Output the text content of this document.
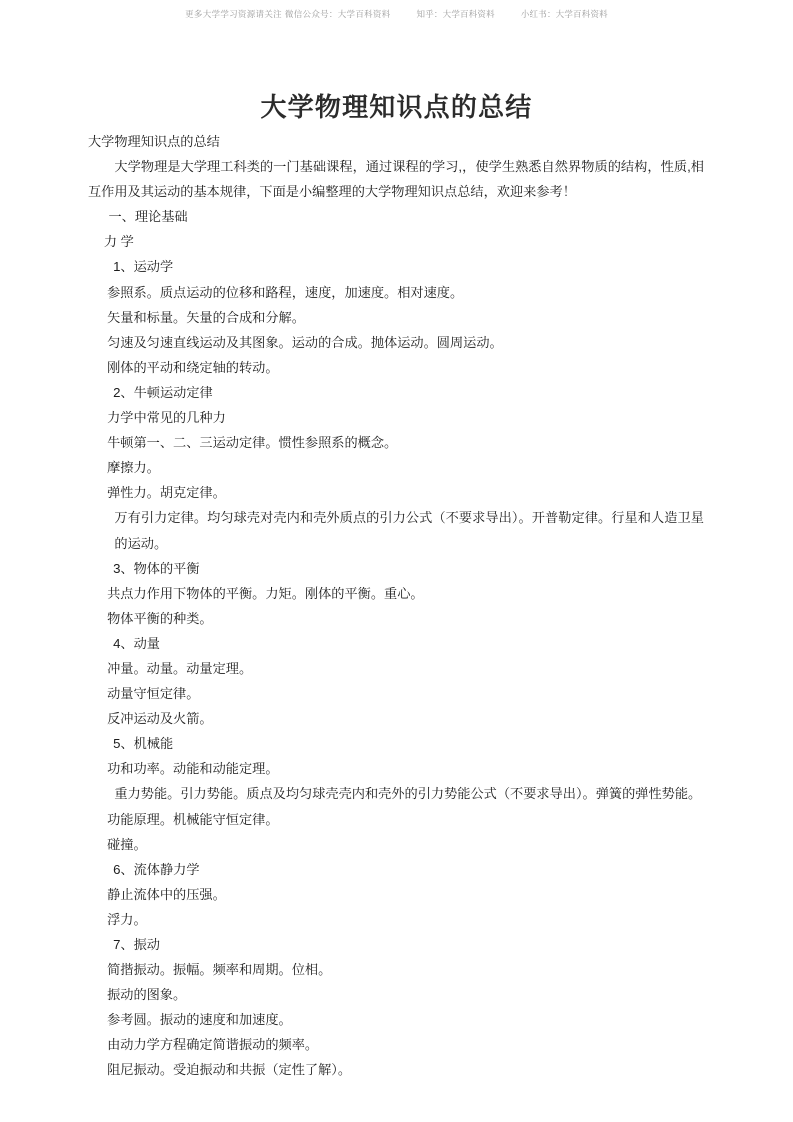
更多大学学习资源请关注 微信公众号：大学百科资料	知乎：大学百科资料	小红书：大学百科资料
大学物理知识点的总结

大学物理知识点的总结

大学物理是大学理工科类的一门基础课程，通过课程的学习,，使学生熟悉自然界物质的结构，性质,相互作用及其运动的基本规律，下面是小编整理的大学物理知识点总结，欢迎来参考！

一、理论基础

力 学

1、运动学

参照系。质点运动的位移和路程，速度，加速度。相对速度。

矢量和标量。矢量的合成和分解。

匀速及匀速直线运动及其图象。运动的合成。抛体运动。圆周运动。

刚体的平动和绕定轴的转动。

2、牛顿运动定律

力学中常见的几种力

牛顿第一、二、三运动定律。惯性参照系的概念。

摩擦力。

弹性力。胡克定律。

万有引力定律。均匀球壳对壳内和壳外质点的引力公式（不要求导出）。开普勒定律。行星和人造卫星的运动。

3、物体的平衡

共点力作用下物体的平衡。力矩。刚体的平衡。重心。

物体平衡的种类。

4、动量

冲量。动量。动量定理。

动量守恒定律。

反冲运动及火箭。

5、机械能

功和功率。动能和动能定理。

重力势能。引力势能。质点及均匀球壳壳内和壳外的引力势能公式（不要求导出）。弹簧的弹性势能。

功能原理。机械能守恒定律。

碰撞。

6、流体静力学

静止流体中的压强。

浮力。

7、振动

简揩振动。振幅。频率和周期。位相。

振动的图象。

参考圆。振动的速度和加速度。

由动力学方程确定简谐振动的频率。

阻尼振动。受迫振动和共振（定性了解）。
